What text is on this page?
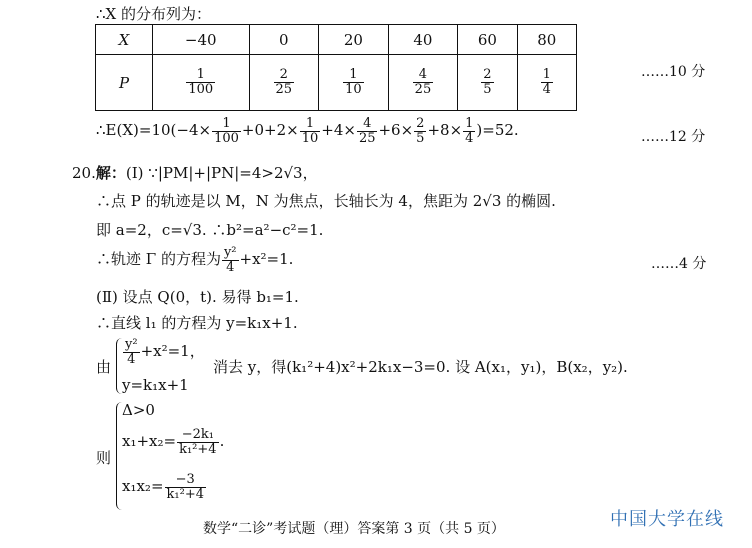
∴X 的分布列为：
X	−40	0	20	40	60	80
P	$\frac{1}{100}$	$\frac{2}{25}$	$\frac{1}{10}$	$\frac{4}{25}$	$\frac{2}{5}$	$\frac{1}{4}$	……10 分
∴E(X)=10(−4× $\frac{1}{100} +0+2\times \frac{1}{10} +4\times \frac{4}{25} +6\times \frac{2}{5} +8\times \frac{1}{4} )=52$.	……12 分
20.解：(Ⅰ) ∵|PM|+|PN|=4>2√3，
∴点 P 的轨迹是以 M，N 为焦点，长轴长为 4，焦距为 2√3 的椭圆.
即 a=2，c=√3. ∴b²=a²−c²=1.
∴轨迹 Γ 的方程为 $\frac{\text{y²}}{4} +x^2=1$.	……4 分
(Ⅱ) 设点 Q(0，t). 易得 b₁=1.
∴直线 l₁ 的方程为 y=k₁x+1.
由
$\frac{\text{y²}}{4} +x^2=1$，
y=k₁x+1
消去 y，得(k₁²+4)x²+2k₁x−3=0. 设 A(x₁，y₁)，B(x₂，y₂).
则
Δ>0
$x_1+x_2= \frac{\text{−2k₁}}{\text{k₁²+4}}$ .
$x_1x_2= \frac{-3}{\text{k₁²+4}}$
数学“二诊”考试题（理）答案第 3 页（共 5 页）	中国大学在线
